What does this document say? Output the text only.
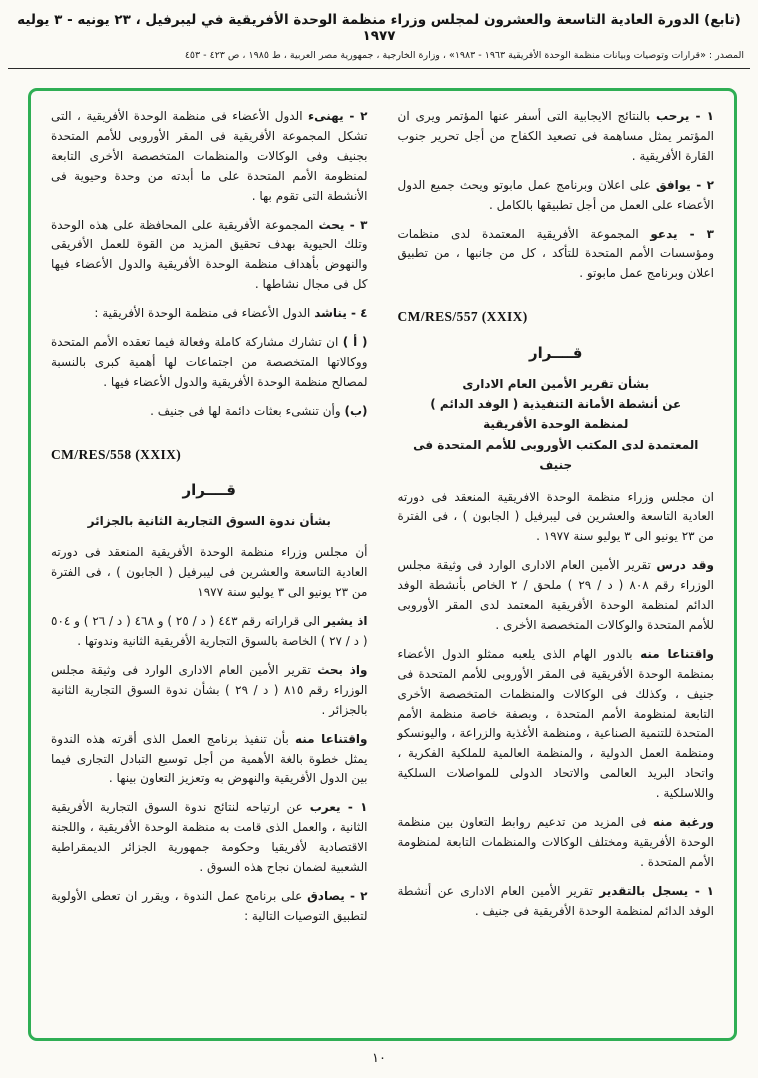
(تابع) الدورة العادية التاسعة والعشرون لمجلس وزراء منظمة الوحدة الأفريقية في ليبرفيل ، ٢٣ يونيه - ٣ يوليه ١٩٧٧
المصدر : «قرارات وتوصيات وبيانات منظمة الوحدة الأفريقية ١٩٦٣ - ١٩٨٣» ، وزارة الخارجية ، جمهورية مصر العربية ، ط ١٩٨٥ ، ص ٤٢٣ - ٤٥٣

١ - يرحب بالنتائج الايجابية التى أسفر عنها المؤتمر ويرى ان المؤتمر يمثل مساهمة فى تصعيد الكفاح من أجل تحرير جنوب القارة الأفريقية .

٢ - يوافق على اعلان وبرنامج عمل مابوتو ويحث جميع الدول الأعضاء على العمل من أجل تطبيقها بالكامل .

٣ - يدعو المجموعة الأفريقية المعتمدة لدى منظمات ومؤسسات الأمم المتحدة للتأكد ، كل من جانبها ، من تطبيق اعلان وبرنامج عمل مابوتو .

CM/RES/557 (XXIX)
قــــرار
بشأن تقرير الأمين العام الادارى
عن أنشطة الأمانة التنفيذية ( الوفد الدائم )
لمنظمة الوحدة الأفريقية
المعتمدة لدى المكتب الأوروبى للأمم المتحدة فى جنيف

ان مجلس وزراء منظمة الوحدة الافريقية المنعقد فى دورته العادية التاسعة والعشرين فى ليبرفيل ( الجابون ) ، فى الفترة من ٢٣ يونيو الى ٣ يوليو سنة ١٩٧٧ .

وقد درس تقرير الأمين العام الادارى الوارد فى وثيقة مجلس الوزراء رقم ٨٠٨ ( د / ٢٩ ) ملحق / ٢ الخاص بأنشطة الوفد الدائم لمنظمة الوحدة الأفريقية المعتمد لدى المقر الأوروبى للأمم المتحدة والوكالات المتخصصة الأخرى .

واقتناعا منه بالدور الهام الذى يلعبه ممثلو الدول الأعضاء بمنظمة الوحدة الأفريقية فى المقر الأوروبى للأمم المتحدة فى جنيف ، وكذلك فى الوكالات والمنظمات المتخصصة الأخرى التابعة لمنظومة الأمم المتحدة ، وبصفة خاصة منظمة الأمم المتحدة للتنمية الصناعية ، ومنظمة الأغذية والزراعة ، واليونسكو ومنظمة العمل الدولية ، والمنظمة العالمية للملكية الفكرية ، واتحاد البريد العالمى والاتحاد الدولى للمواصلات السلكية واللاسلكية .

ورغبة منه فى المزيد من تدعيم روابط التعاون بين منظمة الوحدة الأفريقية ومختلف الوكالات والمنظمات التابعة لمنظومة الأمم المتحدة .

١ - يسجل بالتقدير تقرير الأمين العام الادارى عن أنشطة الوفد الدائم لمنظمة الوحدة الأفريقية فى جنيف .

٢ - يهنىء الدول الأعضاء فى منظمة الوحدة الأفريقية ، التى تشكل المجموعة الأفريقية فى المقر الأوروبى للأمم المتحدة بجنيف وفى الوكالات والمنظمات المتخصصة الأخرى التابعة لمنظومة الأمم المتحدة على ما أبدته من وحدة وحيوية فى الأنشطة التى تقوم بها .

٣ - يحث المجموعة الأفريقية على المحافظة على هذه الوحدة وتلك الحيوية بهدف تحقيق المزيد من القوة للعمل الأفريقى والنهوض بأهداف منظمة الوحدة الأفريقية والدول الأعضاء فيها كل فى مجال نشاطها .

٤ - يناشد الدول الأعضاء فى منظمة الوحدة الأفريقية :

( أ ) ان تشارك مشاركة كاملة وفعالة فيما تعقده الأمم المتحدة ووكالاتها المتخصصة من اجتماعات لها أهمية كبرى بالنسبة لمصالح منظمة الوحدة الأفريقية والدول الأعضاء فيها .

(ب) وأن تنشىء بعثات دائمة لها فى جنيف .

CM/RES/558 (XXIX)
قــــرار
بشأن ندوة السوق التجارية الثانية بالجزائر

أن مجلس وزراء منظمة الوحدة الأفريقية المنعقد فى دورته العادية التاسعة والعشرين فى ليبرفيل ( الجابون ) ، فى الفترة من ٢٣ يونيو الى ٣ يوليو سنة ١٩٧٧

اذ يشير الى قراراته رقم ٤٤٣ ( د / ٢٥ ) و ٤٦٨ ( د / ٢٦ ) و ٥٠٤ ( د / ٢٧ ) الخاصة بالسوق التجارية الأفريقية الثانية وندوتها .

واذ بحث تقرير الأمين العام الادارى الوارد فى وثيقة مجلس الوزراء رقم ٨١٥ ( د / ٢٩ ) بشأن ندوة السوق التجارية الثانية بالجزائر .

واقتناعا منه بأن تنفيذ برنامج العمل الذى أقرته هذه الندوة يمثل خطوة بالغة الأهمية من أجل توسيع التبادل التجارى فيما بين الدول الأفريقية والنهوض به وتعزيز التعاون بينها .

١ - يعرب عن ارتياحه لنتائج ندوة السوق التجارية الأفريقية الثانية ، والعمل الذى قامت به منظمة الوحدة الأفريقية ، واللجنة الاقتصادية لأفريقيا وحكومة جمهورية الجزائر الديمقراطية الشعبية لضمان نجاح هذه السوق .

٢ - يصادق على برنامج عمل الندوة ، ويقرر ان تعطى الأولوية لتطبيق التوصيات التالية :

١٠
